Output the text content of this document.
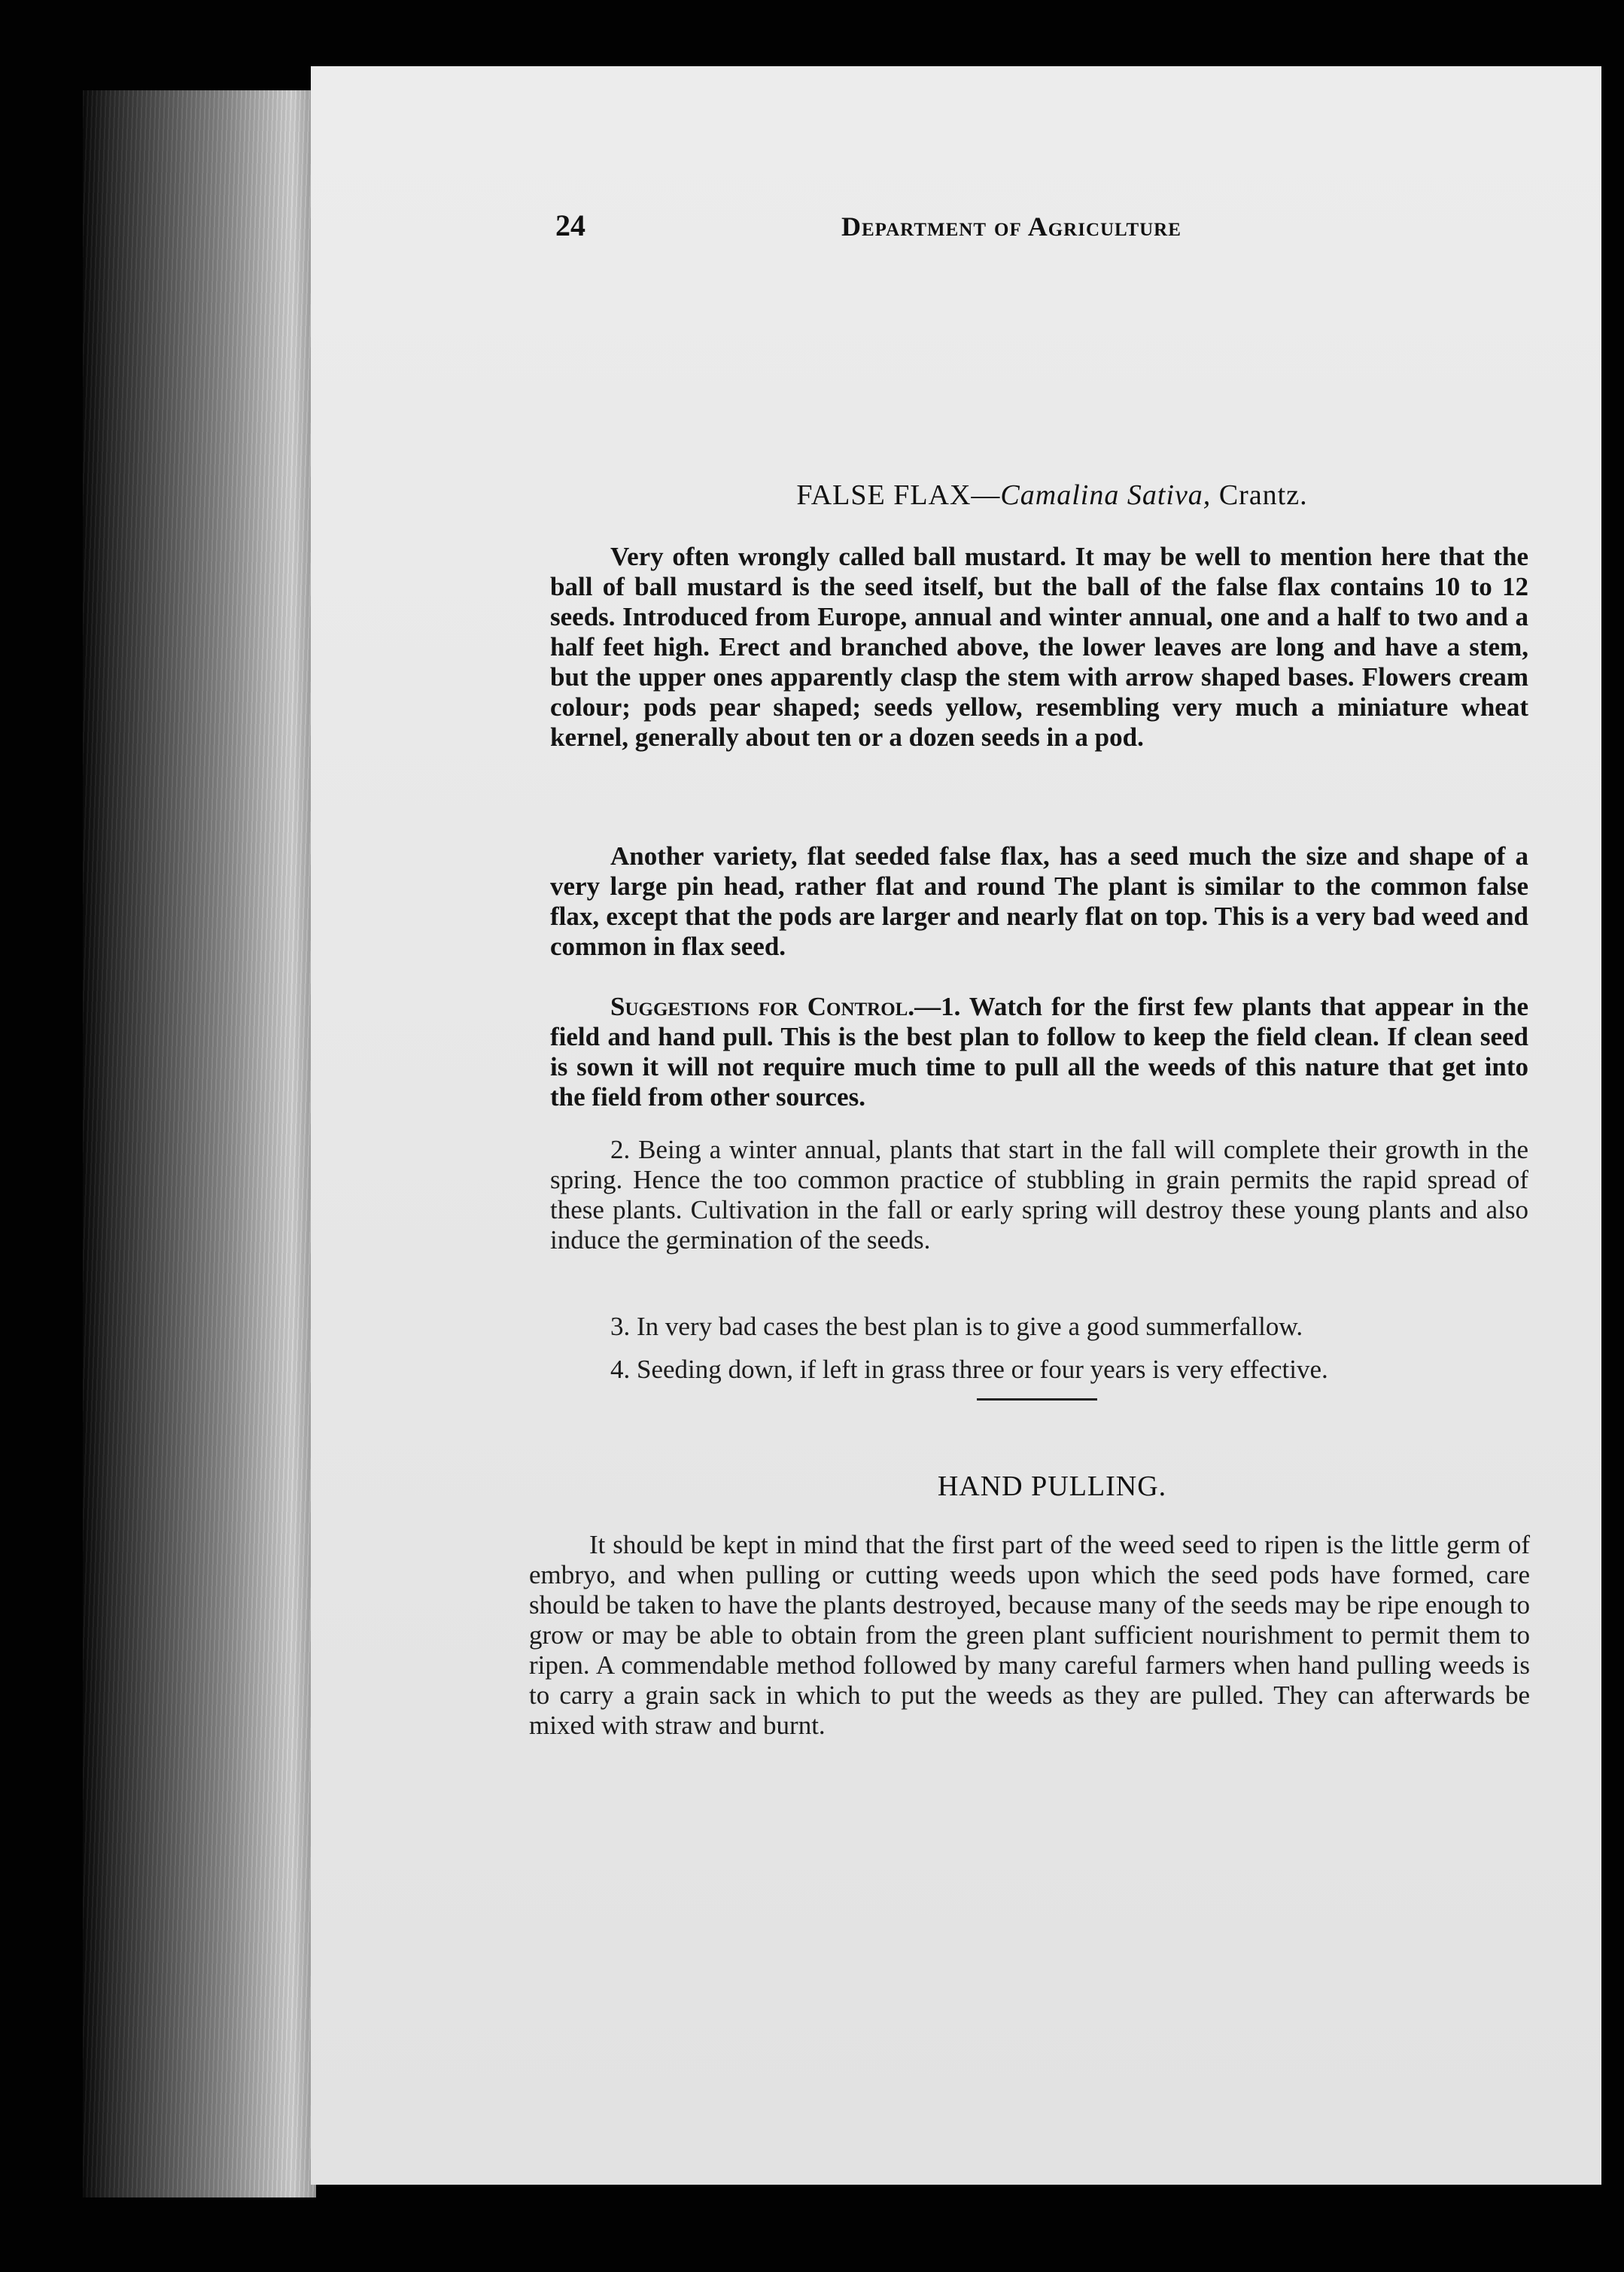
24	Department of Agriculture
FALSE FLAX—Camalina Sativa, Crantz.

Very often wrongly called ball mustard. It may be well to mention here that the ball of ball mustard is the seed itself, but the ball of the false flax contains 10 to 12 seeds. Introduced from Europe, annual and winter annual, one and a half to two and a half feet high. Erect and branched above, the lower leaves are long and have a stem, but the upper ones apparently clasp the stem with arrow shaped bases. Flowers cream colour; pods pear shaped; seeds yellow, resembling very much a miniature wheat kernel, generally about ten or a dozen seeds in a pod.

Another variety, flat seeded false flax, has a seed much the size and shape of a very large pin head, rather flat and round The plant is similar to the common false flax, except that the pods are larger and nearly flat on top. This is a very bad weed and common in flax seed.

Suggestions for Control.—1. Watch for the first few plants that appear in the field and hand pull. This is the best plan to follow to keep the field clean. If clean seed is sown it will not require much time to pull all the weeds of this nature that get into the field from other sources.

2. Being a winter annual, plants that start in the fall will complete their growth in the spring. Hence the too common practice of stubbling in grain permits the rapid spread of these plants. Cultivation in the fall or early spring will destroy these young plants and also induce the germination of the seeds.

3. In very bad cases the best plan is to give a good summerfallow.

4. Seeding down, if left in grass three or four years is very effective.

HAND PULLING.

It should be kept in mind that the first part of the weed seed to ripen is the little germ of embryo, and when pulling or cutting weeds upon which the seed pods have formed, care should be taken to have the plants destroyed, because many of the seeds may be ripe enough to grow or may be able to obtain from the green plant sufficient nourishment to permit them to ripen. A commendable method followed by many careful farmers when hand pulling weeds is to carry a grain sack in which to put the weeds as they are pulled. They can afterwards be mixed with straw and burnt.
